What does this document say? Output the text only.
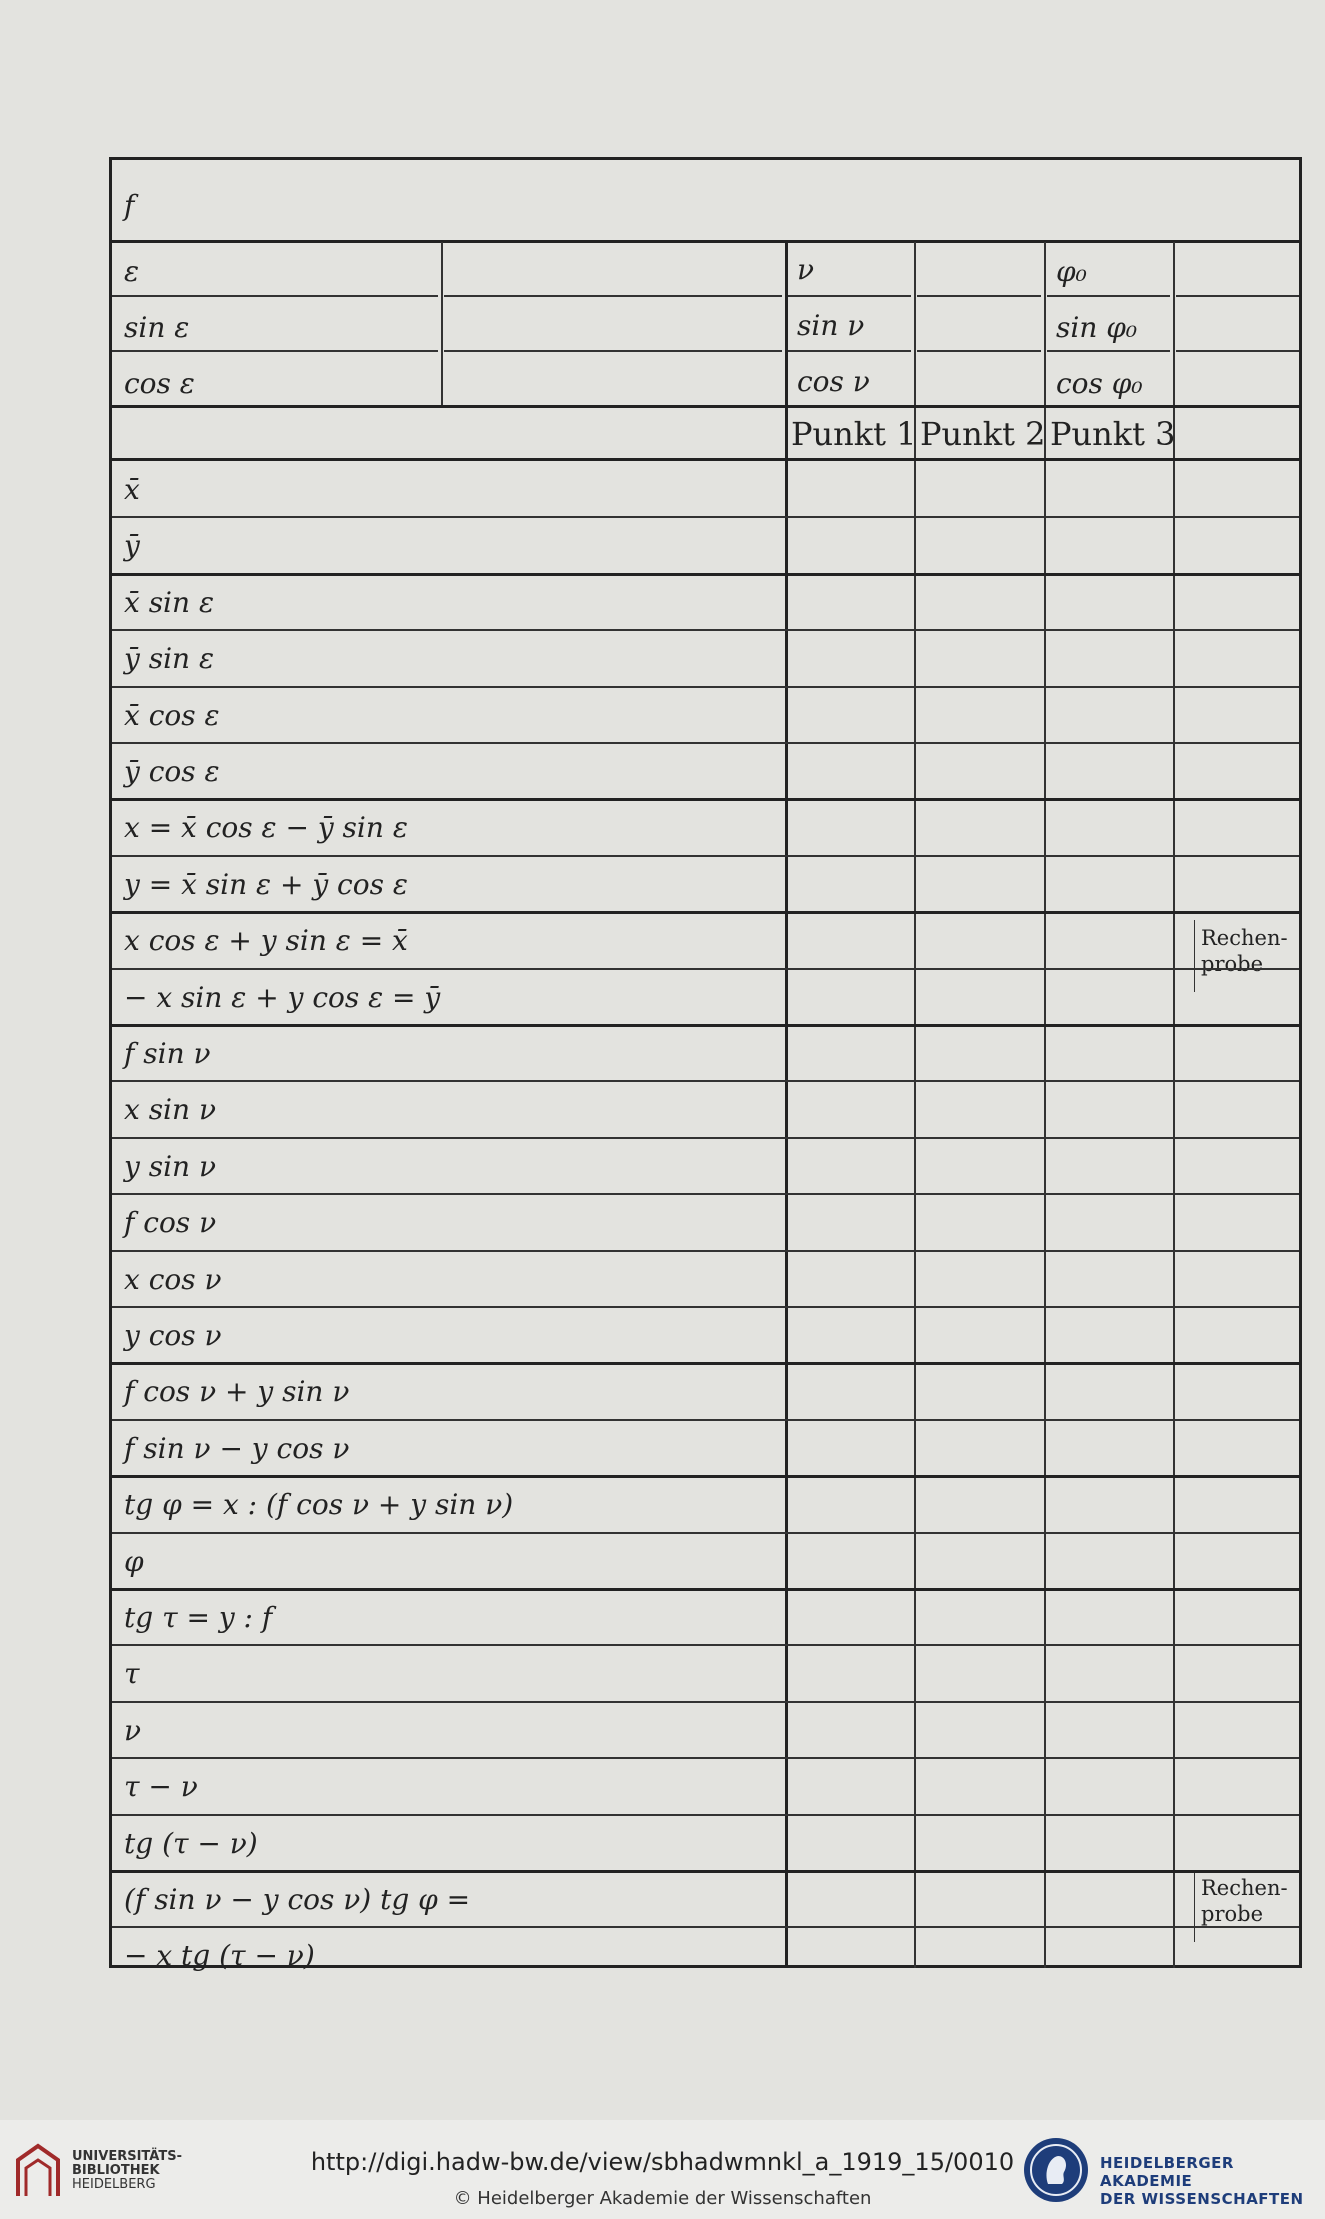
f
ε
sin ε
cos ε
ν
sin ν
cos ν
φ₀
sin φ₀
cos φ₀
Punkt 1 Punkt 2 Punkt 3
Rechen-
probe
Rechen-
probe
x̄
ȳ
x̄ sin ε
ȳ sin ε
x̄ cos ε
ȳ cos ε
x = x̄ cos ε − ȳ sin ε
y = x̄ sin ε + ȳ cos ε
x cos ε + y sin ε = x̄
− x sin ε + y cos ε = ȳ
f sin ν
x sin ν
y sin ν
f cos ν
x cos ν
y cos ν
f cos ν + y sin ν
f sin ν − y cos ν
tg φ = x : (f cos ν + y sin ν)
φ
tg τ = y : f
τ
ν
τ − ν
tg (τ − ν)
(f sin ν − y cos ν) tg φ =
− x tg (τ − ν)
UNIVERSITÄTS-
BIBLIOTHEK
HEIDELBERG
http://digi.hadw-bw.de/view/sbhadwmnkl_a_1919_15/0010
© Heidelberger Akademie der Wissenschaften
HEIDELBERGER AKADEMIE
DER WISSENSCHAFTEN
